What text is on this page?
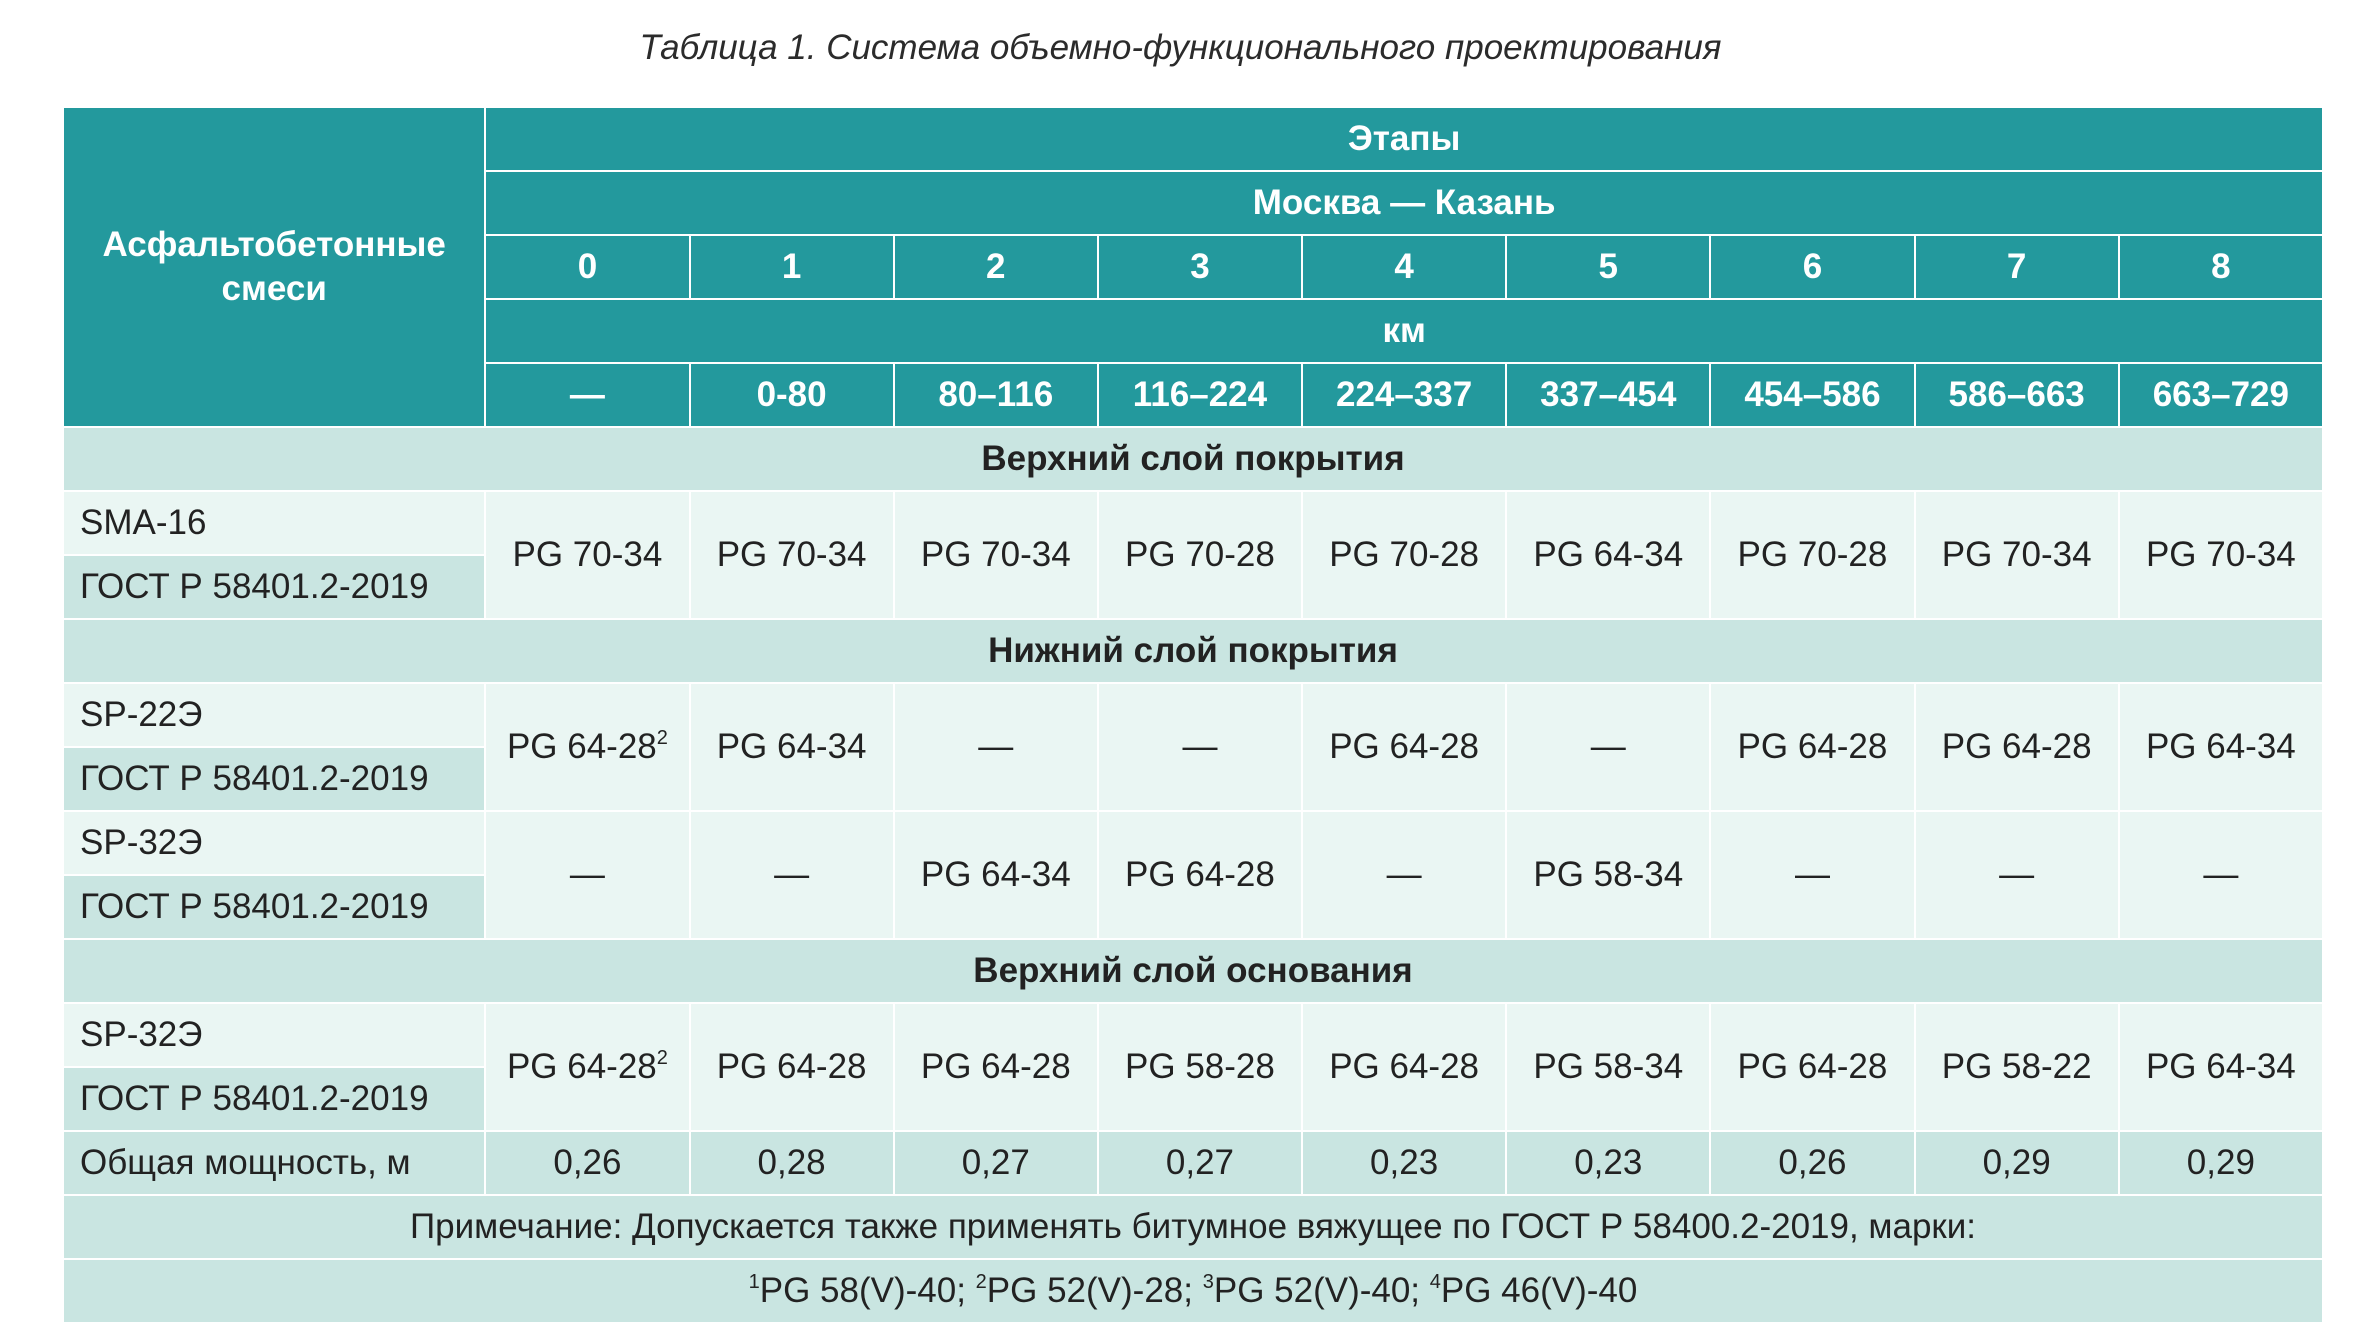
Таблица 1. Система объемно-функционального проектирования
Асфальтобетонные смеси	Этапы								
	Москва — Казань								
	0	1	2	3	4	5	6	7	8
	км								
	—	0-80	80–116	116–224	224–337	337–454	454–586	586–663	663–729
Верхний слой покрытия									
SMA-16	PG 70-34	PG 70-34	PG 70-34	PG 70-28	PG 70-28	PG 64-34	PG 70-28	PG 70-34	PG 70-34
ГОСТ Р 58401.2-2019									
Нижний слой покрытия									
SP-22Э	PG $64-28^2$	PG 64-34	—	—	PG 64-28	—	PG 64-28	PG 64-28	PG 64-34
ГОСТ Р 58401.2-2019									
SP-32Э	—	—	PG 64-34	PG 64-28	—	PG 58-34	—	—	—
ГОСТ Р 58401.2-2019									
Верхний слой основания									
SP-32Э	PG $64-28^2$	PG 64-28	PG 64-28	PG 58-28	PG 64-28	PG 58-34	PG 64-28	PG 58-22	PG 64-34
ГОСТ Р 58401.2-2019									
Общая мощность, м	0,26	0,28	0,27	0,27	0,23	0,23	0,26	0,29	0,29
Примечание: Допускается также применять битумное вяжущее по ГОСТ Р 58400.2-2019, марки:									
$^1$PG 58(V)-40; $^2$PG 52(V)-28; $^3$PG 52(V)-40; $^4$PG 46(V)-40									
